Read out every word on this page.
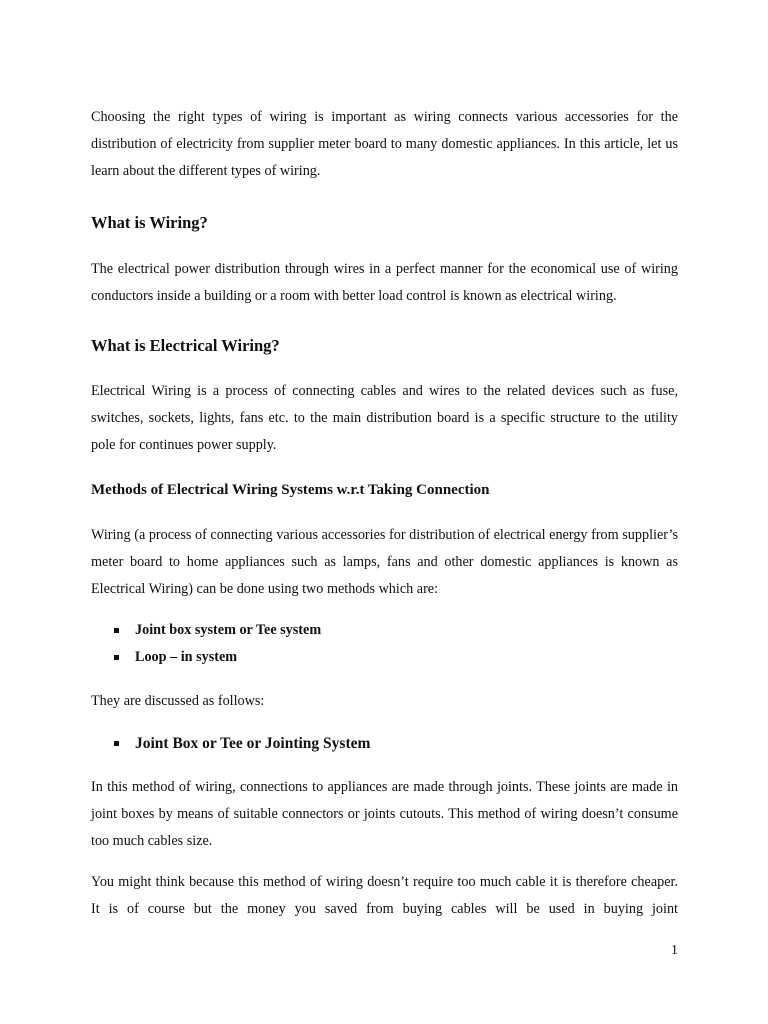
Choosing the right types of wiring is important as wiring connects various accessories for the distribution of electricity from supplier meter board to many domestic appliances. In this article, let us learn about the different types of wiring.

What is Wiring?

The electrical power distribution through wires in a perfect manner for the economical use of wiring conductors inside a building or a room with better load control is known as electrical wiring.

What is Electrical Wiring?

Electrical Wiring is a process of connecting cables and wires to the related devices such as fuse, switches, sockets, lights, fans etc. to the main distribution board is a specific structure to the utility pole for continues power supply.

Methods of Electrical Wiring Systems w.r.t Taking Connection

Wiring (a process of connecting various accessories for distribution of electrical energy from supplier’s meter board to home appliances such as lamps, fans and other domestic appliances is known as Electrical Wiring) can be done using two methods which are:

Joint box system or Tee system
Loop – in system

They are discussed as follows:

Joint Box or Tee or Jointing System

In this method of wiring, connections to appliances are made through joints. These joints are made in joint boxes by means of suitable connectors or joints cutouts. This method of wiring doesn’t consume too much cables size.

You might think because this method of wiring doesn’t require too much cable it is therefore cheaper. It is of course but the money you saved from buying cables will be used in buying joint

1
